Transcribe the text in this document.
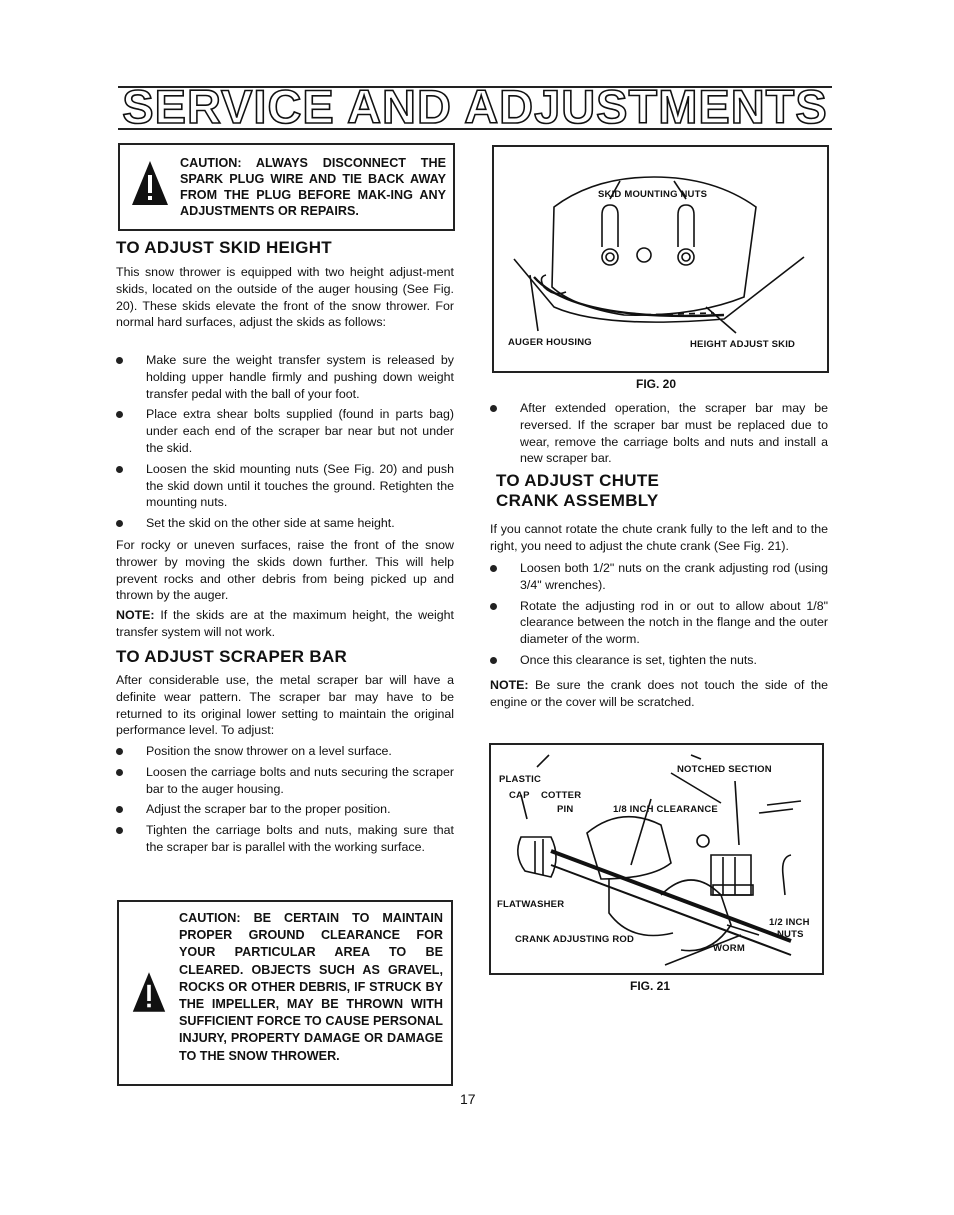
SERVICE AND ADJUSTMENTS
CAUTION: ALWAYS DISCONNECT THE SPARK PLUG WIRE AND TIE BACK AWAY FROM THE PLUG BEFORE MAK-ING ANY ADJUSTMENTS OR REPAIRS.
TO ADJUST SKID HEIGHT

This snow thrower is equipped with two height adjust-ment skids, located on the outside of the auger housing (See Fig. 20). These skids elevate the front of the snow thrower. For normal hard surfaces, adjust the skids as follows:

Make sure the weight transfer system is released by holding upper handle firmly and pushing down weight transfer pedal with the ball of your foot.
Place extra shear bolts supplied (found in parts bag) under each end of the scraper bar near but not under the skid.
Loosen the skid mounting nuts (See Fig. 20) and push the skid down until it touches the ground. Retighten the mounting nuts.
Set the skid on the other side at same height.

For rocky or uneven surfaces, raise the front of the snow thrower by moving the skids down further. This will help prevent rocks and other debris from being picked up and thrown by the auger.

NOTE: If the skids are at the maximum height, the weight transfer system will not work.

TO ADJUST SCRAPER BAR

After considerable use, the metal scraper bar will have a definite wear pattern. The scraper bar may have to be returned to its original lower setting to maintain the original performance level. To adjust:

Position the snow thrower on a level surface.
Loosen the carriage bolts and nuts securing the scraper bar to the auger housing.
Adjust the scraper bar to the proper position.
Tighten the carriage bolts and nuts, making sure that the scraper bar is parallel with the working surface.
CAUTION: BE CERTAIN TO MAINTAIN PROPER GROUND CLEARANCE FOR YOUR PARTICULAR AREA TO BE CLEARED. OBJECTS SUCH AS GRAVEL, ROCKS OR OTHER DEBRIS, IF STRUCK BY THE IMPELLER, MAY BE THROWN WITH SUFFICIENT FORCE TO CAUSE PERSONAL INJURY, PROPERTY DAMAGE OR DAMAGE TO THE SNOW THROWER.
SKID MOUNTING NUTS
AUGER HOUSING	HEIGHT ADJUST SKID
FIG. 20
After extended operation, the scraper bar may be reversed. If the scraper bar must be replaced due to wear, remove the carriage bolts and nuts and install a new scraper bar.
TO ADJUST CHUTE
CRANK ASSEMBLY

If you cannot rotate the chute crank fully to the left and to the right, you need to adjust the chute crank (See Fig. 21).

Loosen both 1/2" nuts on the crank adjusting rod (using 3/4" wrenches).
Rotate the adjusting rod in or out to allow about 1/8" clearance between the notch in the flange and the outer diameter of the worm.
Once this clearance is set, tighten the nuts.

NOTE: Be sure the crank does not touch the side of the engine or the cover will be scratched.

PLASTIC
CAP COTTER
PIN	1/8 INCH CLEARANCE
NOTCHED SECTION
FLATWASHER
CRANK ADJUSTING ROD
WORM
1/2 INCH
NUTS
FIG. 21
17
